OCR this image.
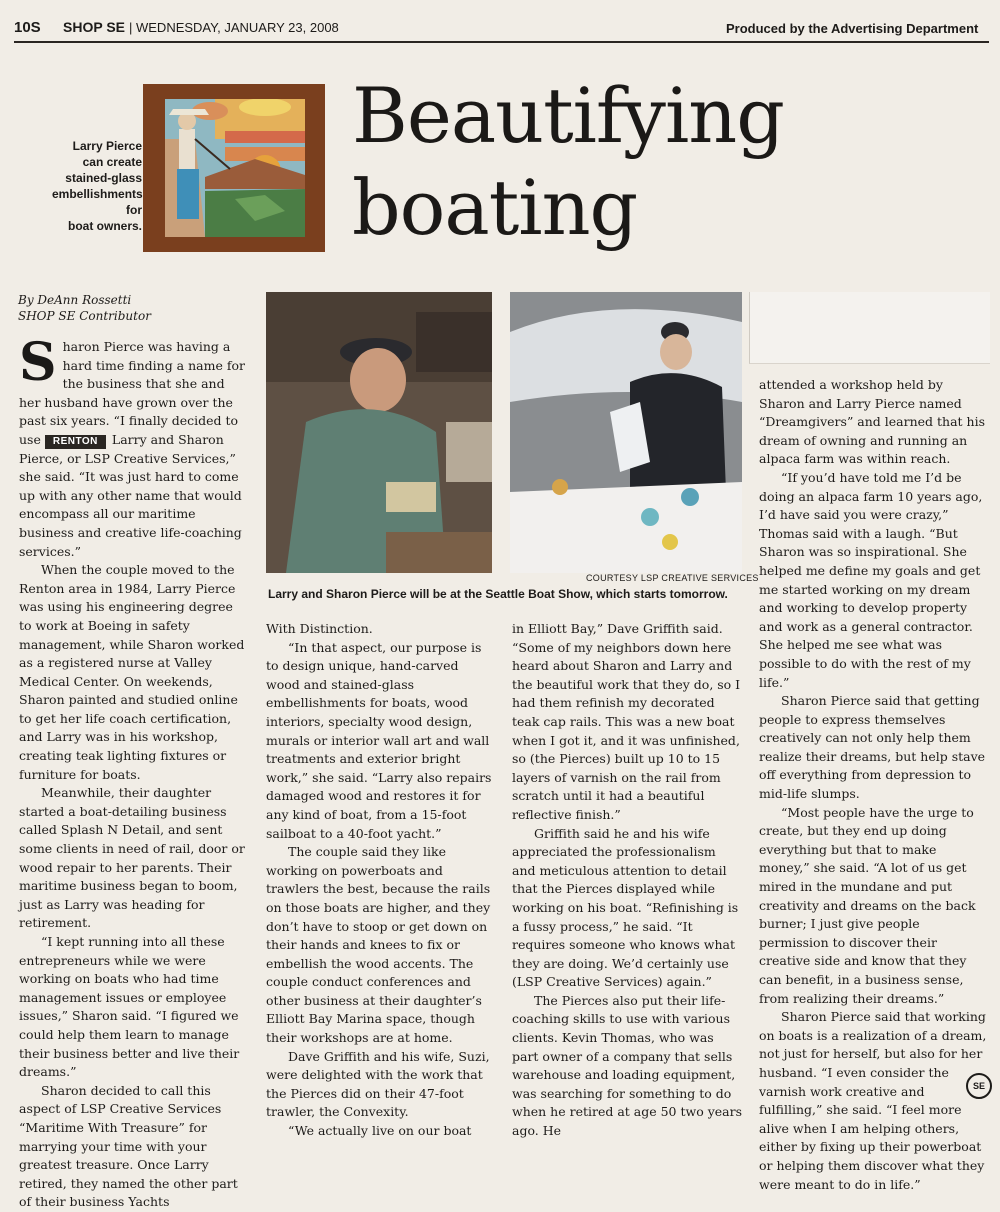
10S SHOP SE | WEDNESDAY, JANUARY 23, 2008	Produced by the Advertising Department
Larry Pierce
can create
stained-glass
embellishments for
boat owners.
Beautifying
boating
By DeAnn Rossetti
SHOP SE Contributor
COURTESY LSP CREATIVE SERVICES
Larry and Sharon Pierce will be at the Seattle Boat Show, which starts tomorrow.

Sharon Pierce was having a hard time finding a name for the business that she and her husband have grown over the past six years. “I finally decided to use RENTON Larry and Sharon Pierce, or LSP Creative Services,” she said. “It was just hard to come up with any other name that would encompass all our maritime business and creative life-coaching services.”

When the couple moved to the Renton area in 1984, Larry Pierce was using his engineering degree to work at Boeing in safety management, while Sharon worked as a registered nurse at Valley Medical Center. On weekends, Sharon painted and studied online to get her life coach certification, and Larry was in his workshop, creating teak lighting fixtures or furniture for boats.

Meanwhile, their daughter started a boat-detailing business called Splash N Detail, and sent some clients in need of rail, door or wood repair to her parents. Their maritime business began to boom, just as Larry was heading for retirement.

“I kept running into all these entrepreneurs while we were working on boats who had time management issues or employee issues,” Sharon said. “I figured we could help them learn to manage their business better and live their dreams.”

Sharon decided to call this aspect of LSP Creative Services “Maritime With Treasure” for marrying your time with your greatest treasure. Once Larry retired, they named the other part of their business Yachts

With Distinction.

“In that aspect, our purpose is to design unique, hand-carved wood and stained-glass embellishments for boats, wood interiors, specialty wood design, murals or interior wall art and wall treatments and exterior bright work,” she said. “Larry also repairs damaged wood and restores it for any kind of boat, from a 15-foot sailboat to a 40-foot yacht.”

The couple said they like working on powerboats and trawlers the best, because the rails on those boats are higher, and they don’t have to stoop or get down on their hands and knees to fix or embellish the wood accents. The couple conduct conferences and other business at their daughter’s Elliott Bay Marina space, though their workshops are at home.

Dave Griffith and his wife, Suzi, were delighted with the work that the Pierces did on their 47-foot trawler, the Convexity.

“We actually live on our boat

in Elliott Bay,” Dave Griffith said. “Some of my neighbors down here heard about Sharon and Larry and the beautiful work that they do, so I had them refinish my decorated teak cap rails. This was a new boat when I got it, and it was unfinished, so (the Pierces) built up 10 to 15 layers of varnish on the rail from scratch until it had a beautiful reflective finish.”

Griffith said he and his wife appreciated the professionalism and meticulous attention to detail that the Pierces displayed while working on his boat. “Refinishing is a fussy process,” he said. “It requires someone who knows what they are doing. We’d certainly use (LSP Creative Services) again.”

The Pierces also put their life-coaching skills to use with various clients. Kevin Thomas, who was part owner of a company that sells warehouse and loading equipment, was searching for something to do when he retired at age 50 two years ago. He

attended a workshop held by Sharon and Larry Pierce named “Dreamgivers” and learned that his dream of owning and running an alpaca farm was within reach.

“If you’d have told me I’d be doing an alpaca farm 10 years ago, I’d have said you were crazy,” Thomas said with a laugh. “But Sharon was so inspirational. She helped me define my goals and get me started working on my dream and working to develop property and work as a general contractor. She helped me see what was possible to do with the rest of my life.”

Sharon Pierce said that getting people to express themselves creatively can not only help them realize their dreams, but help stave off everything from depression to mid-life slumps.

“Most people have the urge to create, but they end up doing everything but that to make money,” she said. “A lot of us get mired in the mundane and put creativity and dreams on the back burner; I just give people permission to discover their creative side and know that they can benefit, in a business sense, from realizing their dreams.”

Sharon Pierce said that working on boats is a realization of a dream, not just for herself, but also for her husband. “I even consider the varnish work creative and fulfilling,” she said. “I feel more alive when I am helping others, either by fixing up their powerboat or helping them discover what they were meant to do in life.”

SE
